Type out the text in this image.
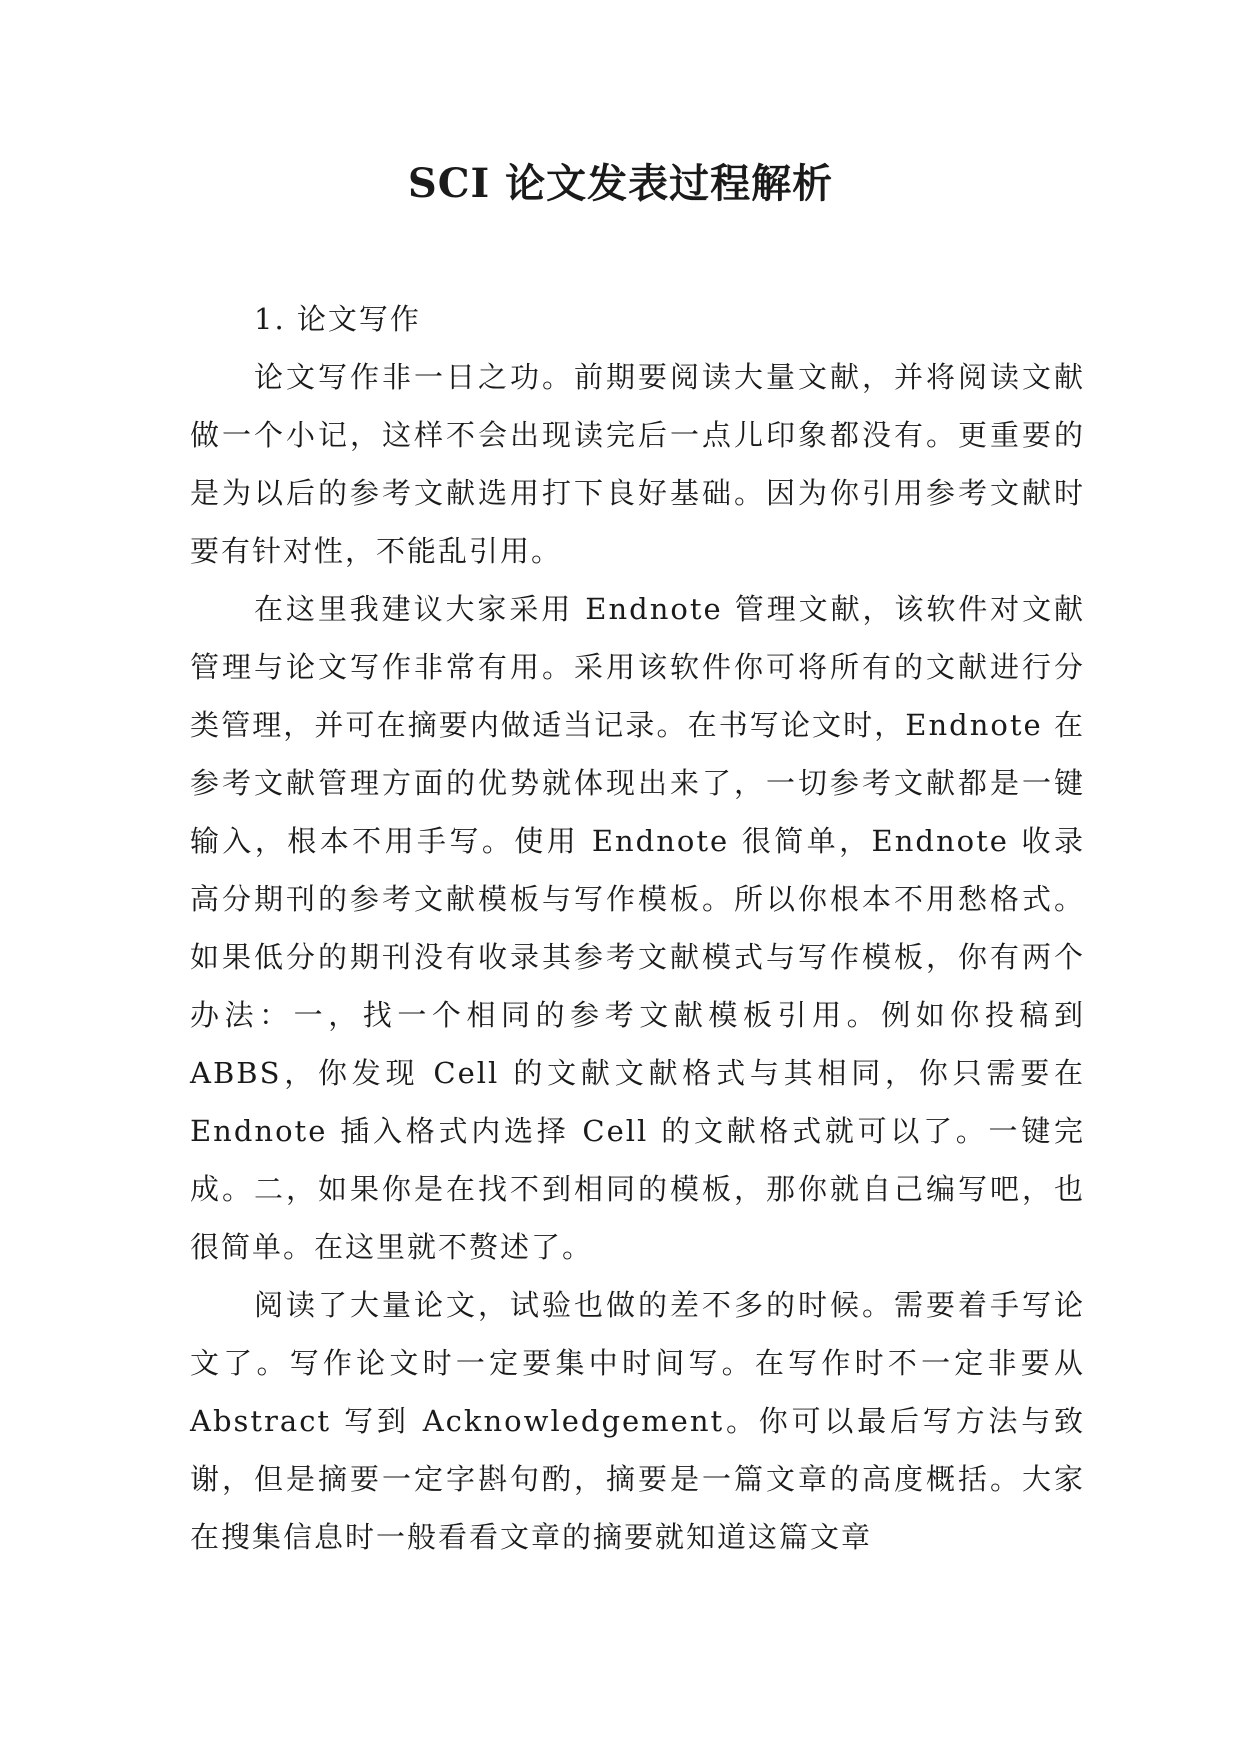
SCI 论文发表过程解析
1. 论文写作

论文写作非一日之功。前期要阅读大量文献，并将阅读文献做一个小记，这样不会出现读完后一点儿印象都没有。更重要的是为以后的参考文献选用打下良好基础。因为你引用参考文献时要有针对性，不能乱引用。

在这里我建议大家采用 Endnote 管理文献，该软件对文献管理与论文写作非常有用。采用该软件你可将所有的文献进行分类管理，并可在摘要内做适当记录。在书写论文时，Endnote 在参考文献管理方面的优势就体现出来了，一切参考文献都是一键输入，根本不用手写。使用 Endnote 很简单，Endnote 收录高分期刊的参考文献模板与写作模板。所以你根本不用愁格式。如果低分的期刊没有收录其参考文献模式与写作模板，你有两个办法：一，找一个相同的参考文献模板引用。例如你投稿到 ABBS，你发现 Cell 的文献文献格式与其相同，你只需要在 Endnote 插入格式内选择 Cell 的文献格式就可以了。一键完成。二，如果你是在找不到相同的模板，那你就自己编写吧，也很简单。在这里就不赘述了。

阅读了大量论文，试验也做的差不多的时候。需要着手写论文了。写作论文时一定要集中时间写。在写作时不一定非要从 Abstract 写到 Acknowledgement。你可以最后写方法与致谢，但是摘要一定字斟句酌，摘要是一篇文章的高度概括。大家在搜集信息时一般看看文章的摘要就知道这篇文章
